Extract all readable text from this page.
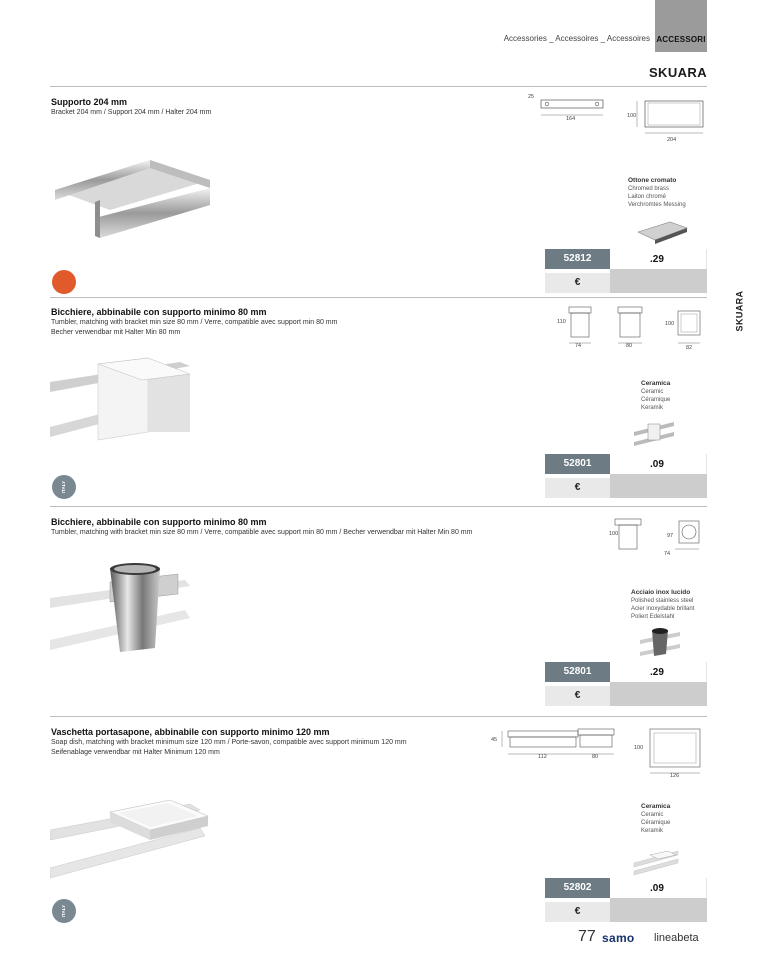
Accessories _ Accessoires _ Accessoires ACCESSORI
SKUARA
SKUARA
Supporto 204 mm
Bracket 204 mm / Support 204 mm / Halter 204 mm
25
164	100
204
Ottone cromato
Chromed brass
Laiton chromé
Verchromtes Messing
52812	.29
€
Bicchiere, abbinabile con supporto minimo 80 mm
Tumbler, matching with bracket min size 80 mm / Verre, compatible avec support min 80 mm
Becher verwendbar mit Halter Min 80 mm
110
74	80
100
82
Ceramica
Ceramic
Céramique
Keramik
52801	.09
€
ITALY
Bicchiere, abbinabile con supporto minimo 80 mm
Tumbler, matching with bracket min size 80 mm / Verre, compatible avec support min 80 mm / Becher verwendbar mit Halter Min 80 mm	100	97
74
Acciaio inox lucido
Polished stainless steel
Acier inoxydable brillant
Poliert Edelstahl
52801	.29
€
Vaschetta portasapone, abbinabile con supporto minimo 120 mm
Soap dish, matching with bracket minimum size 120 mm / Porte-savon, compatible avec support minimum 120 mm
Seifenablage verwendbar mit Halter Minimum 120 mm
45
112	80
100
126
Ceramica
Ceramic
Céramique
Keramik
52802	.09
€
ITALY
77 samo lineabeta
